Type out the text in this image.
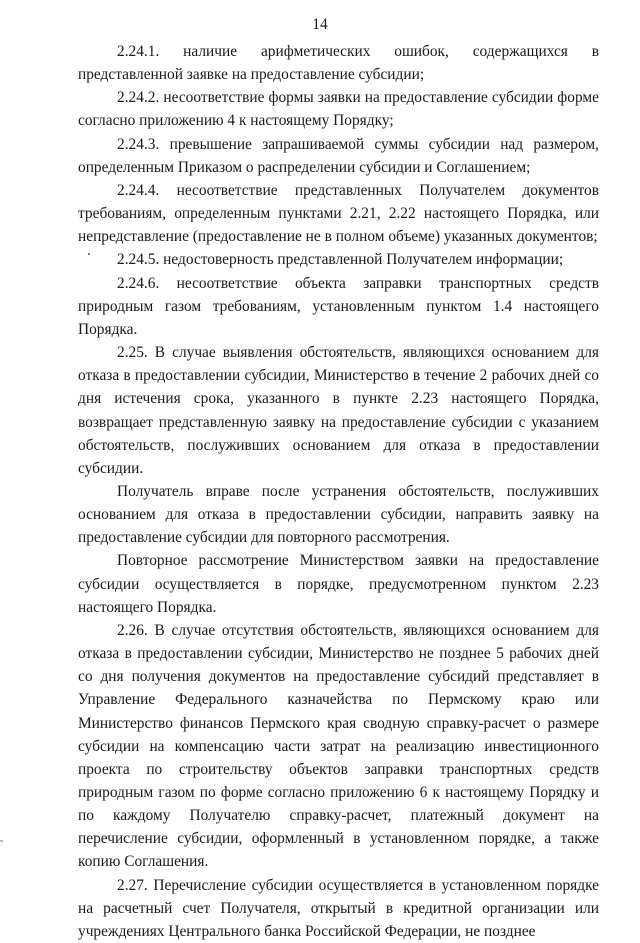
14

2.24.1. наличие арифметических ошибок, содержащихся в представленной заявке на предоставление субсидии;

2.24.2. несоответствие формы заявки на предоставление субсидии форме согласно приложению 4 к настоящему Порядку;

2.24.3. превышение запрашиваемой суммы субсидии над размером, определенным Приказом о распределении субсидии и Соглашением;

2.24.4. несоответствие представленных Получателем документов требованиям, определенным пунктами 2.21, 2.22 настоящего Порядка, или непредставление (предоставление не в полном объеме) указанных документов;

2.24.5. недостоверность представленной Получателем информации;

2.24.6. несоответствие объекта заправки транспортных средств природным газом требованиям, установленным пунктом 1.4 настоящего Порядка.

2.25. В случае выявления обстоятельств, являющихся основанием для отказа в предоставлении субсидии, Министерство в течение 2 рабочих дней со дня истечения срока, указанного в пункте 2.23 настоящего Порядка, возвращает представленную заявку на предоставление субсидии с указанием обстоятельств, послуживших основанием для отказа в предоставлении субсидии.

Получатель вправе после устранения обстоятельств, послуживших основанием для отказа в предоставлении субсидии, направить заявку на предоставление субсидии для повторного рассмотрения.

Повторное рассмотрение Министерством заявки на предоставление субсидии осуществляется в порядке, предусмотренном пунктом 2.23 настоящего Порядка.

2.26. В случае отсутствия обстоятельств, являющихся основанием для отказа в предоставлении субсидии, Министерство не позднее 5 рабочих дней со дня получения документов на предоставление субсидий представляет в Управление Федерального казначейства по Пермскому краю или Министерство финансов Пермского края сводную справку-расчет о размере субсидии на компенсацию части затрат на реализацию инвестиционного проекта по строительству объектов заправки транспортных средств природным газом по форме согласно приложению 6 к настоящему Порядку и по каждому Получателю справку-расчет, платежный документ на перечисление субсидии, оформленный в установленном порядке, а также копию Соглашения.

2.27. Перечисление субсидии осуществляется в установленном порядке на расчетный счет Получателя, открытый в кредитной организации или учреждениях Центрального банка Российской Федерации, не позднее
